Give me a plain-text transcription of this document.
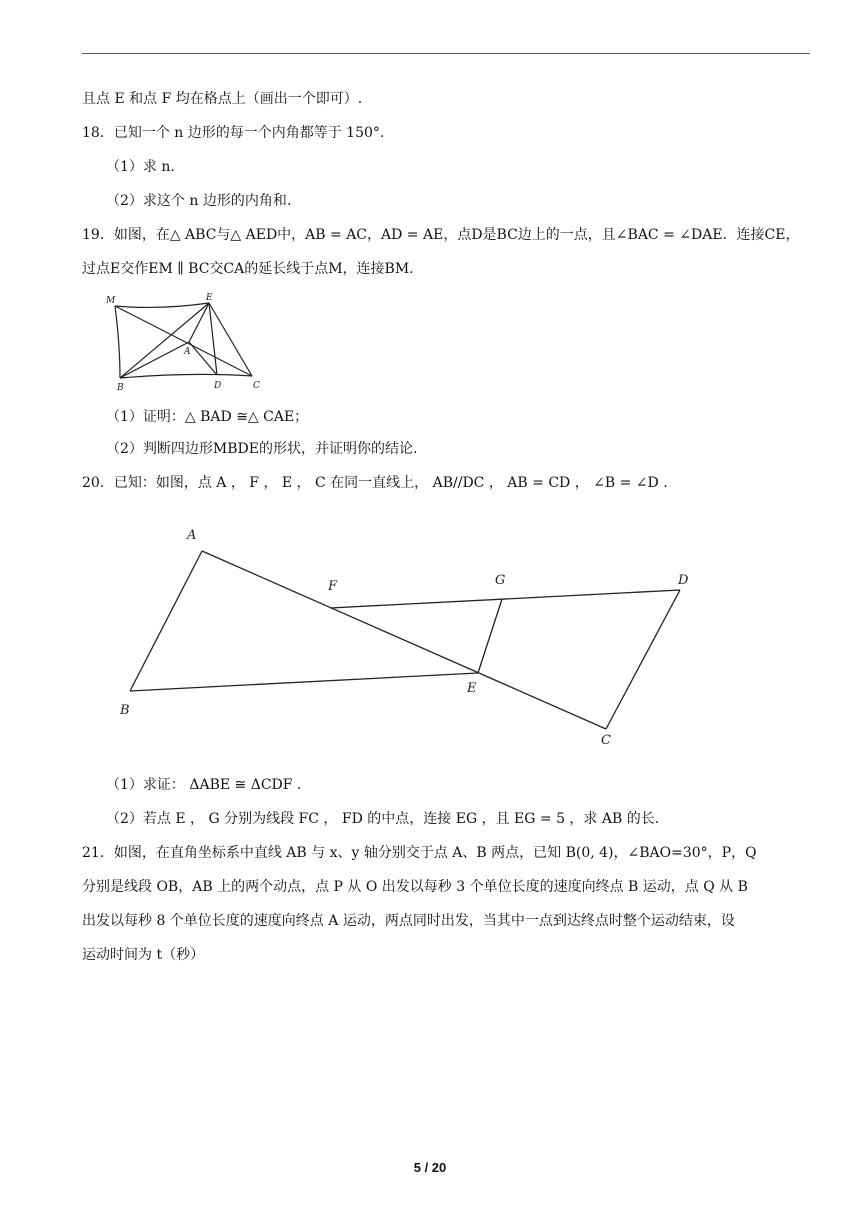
且点 E 和点 F 均在格点上（画出一个即可）.
18．已知一个 n 边形的每一个内角都等于 150°.
（1）求 n.
（2）求这个 n 边形的内角和.
19．如图，在△ ABC与△ AED中，AB = AC，AD = AE，点D是BC边上的一点，且∠BAC = ∠DAE．连接CE，
过点E交作EM ∥ BC交CA的延长线于点M，连接BM.
M	E
A
B	D	C
（1）证明：△ BAD ≅△ CAE；
（2）判断四边形MBDE的形状，并证明你的结论.
20．已知：如图，点 A ， F ， E ， C 在同一直线上， AB//DC ， AB = CD ， ∠B = ∠D .
A
F	G	D
E
B
C
（1）求证： ΔABE ≅ ΔCDF .
（2）若点 E ， G 分别为线段 FC ， FD 的中点，连接 EG ，且 EG = 5 ，求 AB 的长.
21．如图，在直角坐标系中直线 AB 与 x、y 轴分别交于点 A、B 两点，已知 B(0, 4)，∠BAO=30°，P，Q
分别是线段 OB，AB 上的两个动点，点 P 从 O 出发以每秒 3 个单位长度的速度向终点 B 运动，点 Q 从 B
出发以每秒 8 个单位长度的速度向终点 A 运动，两点同时出发，当其中一点到达终点时整个运动结束，设
运动时间为 t（秒）
5 / 20
